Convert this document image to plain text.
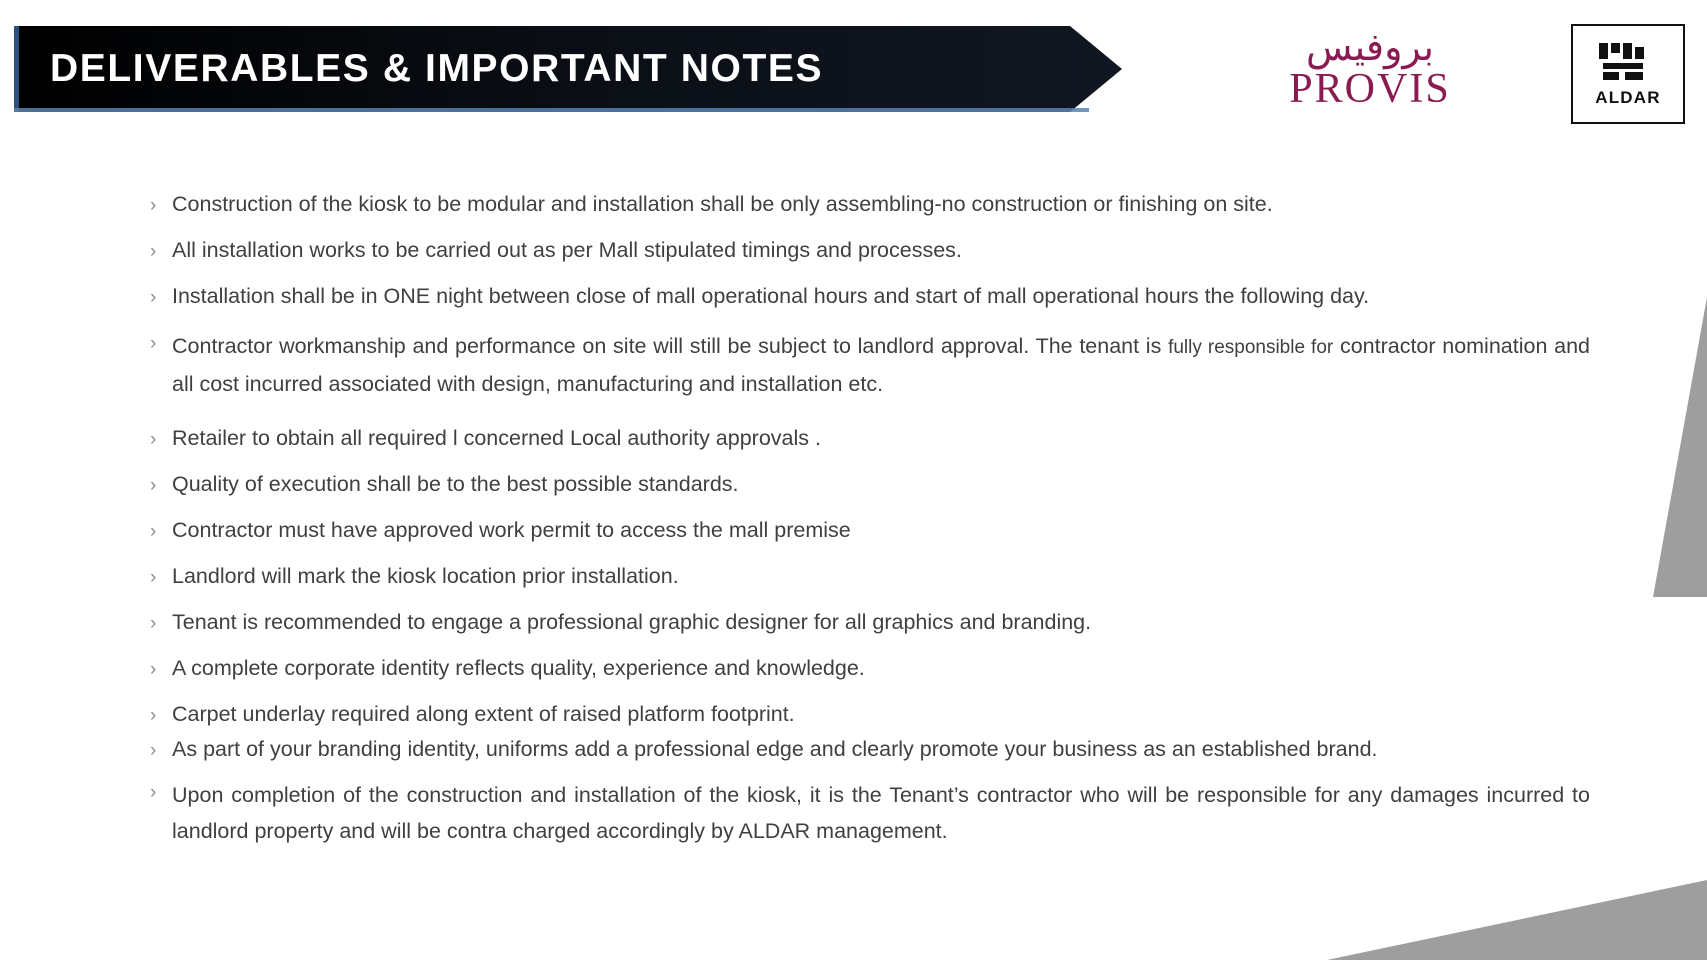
DELIVERABLES & IMPORTANT NOTES	بروفيس
PROVIS	ALDAR
› Construction of the kiosk to be modular and installation shall be only assembling-no construction or finishing on site.
› All installation works to be carried out as per Mall stipulated timings and processes.
› Installation shall be in ONE night between close of mall operational hours and start of mall operational hours the following day.
› Contractor workmanship and performance on site will still be subject to landlord approval. The tenant is fully responsible for contractor nomination and all cost incurred associated with design, manufacturing and installation etc.
› Retailer to obtain all required l concerned Local authority approvals .
› Quality of execution shall be to the best possible standards.
› Contractor must have approved work permit to access the mall premise
› Landlord will mark the kiosk location prior installation.
› Tenant is recommended to engage a professional graphic designer for all graphics and branding.
› A complete corporate identity reflects quality, experience and knowledge.
› Carpet underlay required along extent of raised platform footprint.
› As part of your branding identity, uniforms add a professional edge and clearly promote your business as an established brand.
› Upon completion of the construction and installation of the kiosk, it is the Tenant’s contractor who will be responsible for any damages incurred to landlord property and will be contra charged accordingly by ALDAR management.
